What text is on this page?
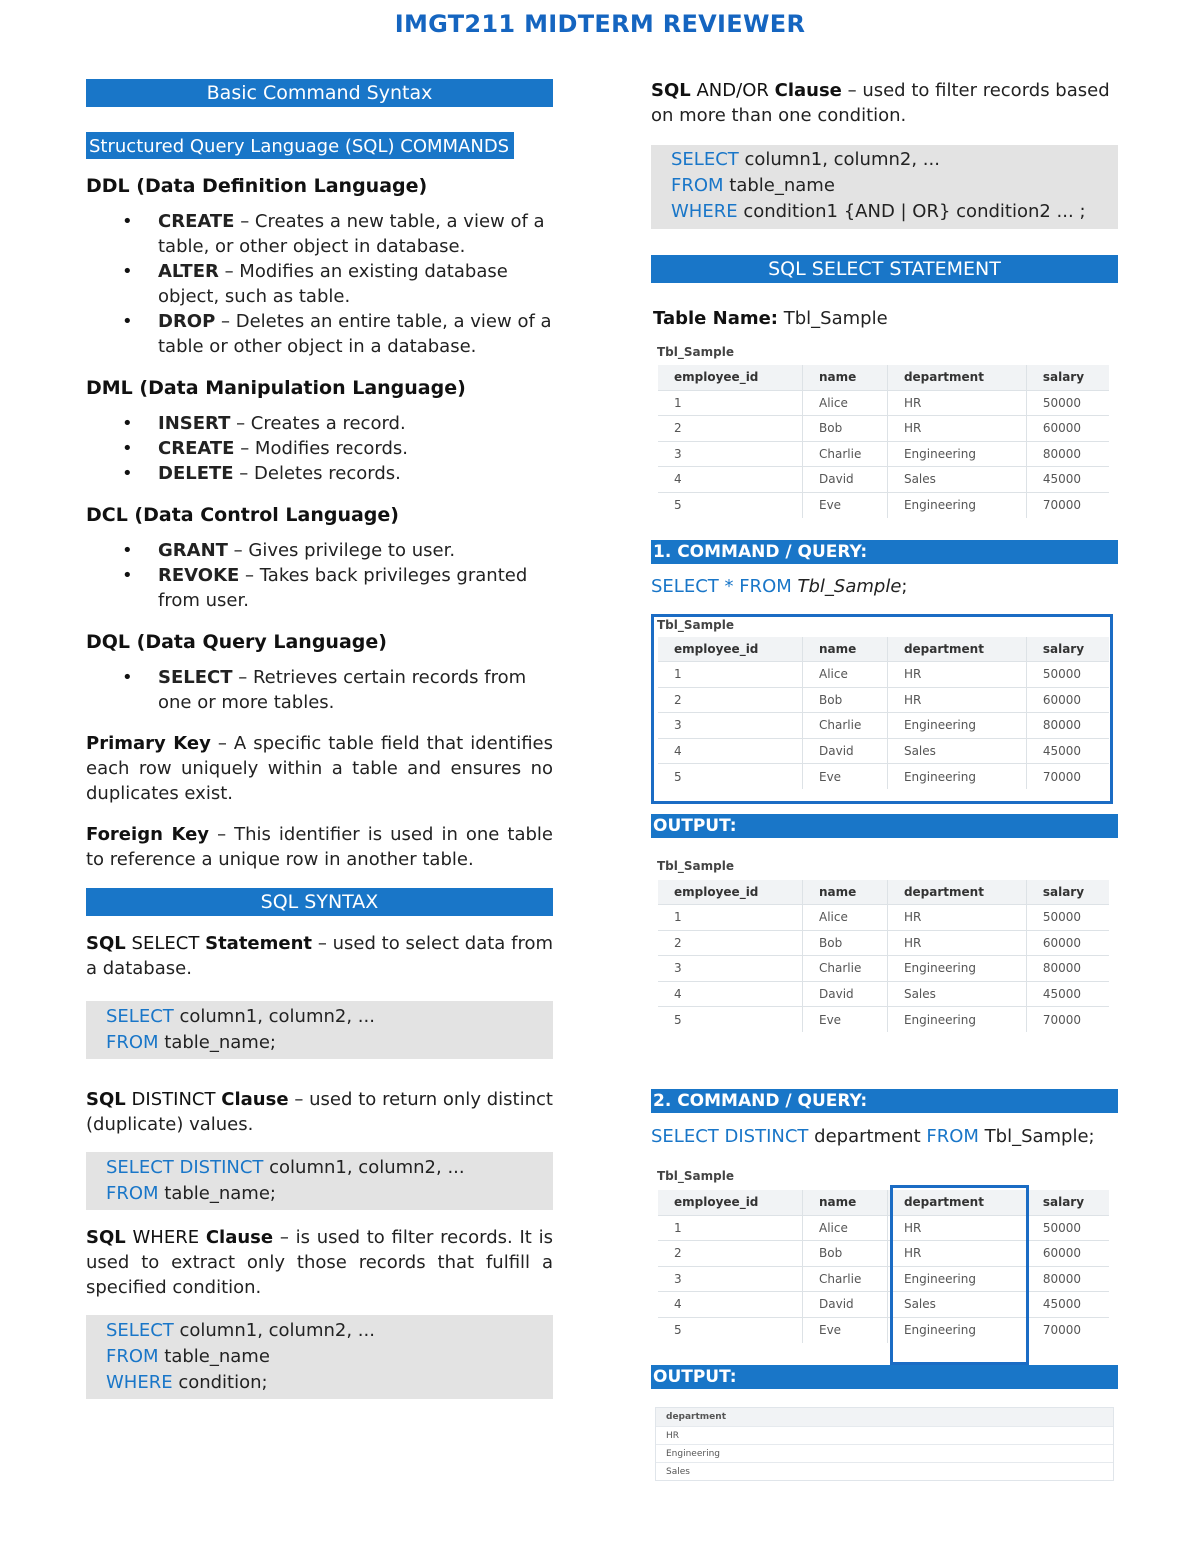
IMGT211 MIDTERM REVIEWER
Basic Command Syntax
Structured Query Language (SQL) COMMANDS
DDL (Data Definition Language)
• CREATE – Creates a new table, a view of a table, or other object in database.
• ALTER – Modifies an existing database object, such as table.
• DROP – Deletes an entire table, a view of a table or other object in a database.
DML (Data Manipulation Language)
• INSERT – Creates a record.
• CREATE – Modifies records.
• DELETE – Deletes records.
DCL (Data Control Language)
• GRANT – Gives privilege to user.
• REVOKE – Takes back privileges granted from user.
DQL (Data Query Language)
• SELECT – Retrieves certain records from one or more tables.
Primary Key – A specific table field that identifies each row uniquely within a table and ensures no duplicates exist.
Foreign Key – This identifier is used in one table to reference a unique row in another table.
SQL SYNTAX
SQL SELECT Statement – used to select data from a database.
SELECT column1, column2, ...
FROM table_name;
SQL DISTINCT Clause – used to return only distinct (duplicate) values.
SELECT DISTINCT column1, column2, ...
FROM table_name;
SQL WHERE Clause – is used to filter records. It is used to extract only those records that fulfill a specified condition.
SELECT column1, column2, ...
FROM table_name
WHERE condition;
SQL AND/OR Clause – used to filter records based on more than one condition.
SELECT column1, column2, ...
FROM table_name
WHERE condition1 {AND | OR} condition2 ... ;
SQL SELECT STATEMENT
Table Name: Tbl_Sample
Tbl_Sample
employee_id	name	department	salary
1	Alice	HR	50000
2	Bob	HR	60000
3	Charlie	Engineering	80000
4	David	Sales	45000
5	Eve	Engineering	70000
1. COMMAND / QUERY:
SELECT * FROM Tbl_Sample;
Tbl_Sample
employee_id	name	department	salary
1	Alice	HR	50000
2	Bob	HR	60000
3	Charlie	Engineering	80000
4	David	Sales	45000
5	Eve	Engineering	70000
OUTPUT:
Tbl_Sample
employee_id	name	department	salary
1	Alice	HR	50000
2	Bob	HR	60000
3	Charlie	Engineering	80000
4	David	Sales	45000
5	Eve	Engineering	70000
2. COMMAND / QUERY:
SELECT DISTINCT department FROM Tbl_Sample;
Tbl_Sample
employee_id	name	department	salary
1	Alice	HR	50000
2	Bob	HR	60000
3	Charlie	Engineering	80000
4	David	Sales	45000
5	Eve	Engineering	70000
OUTPUT:
department
HR
Engineering
Sales
